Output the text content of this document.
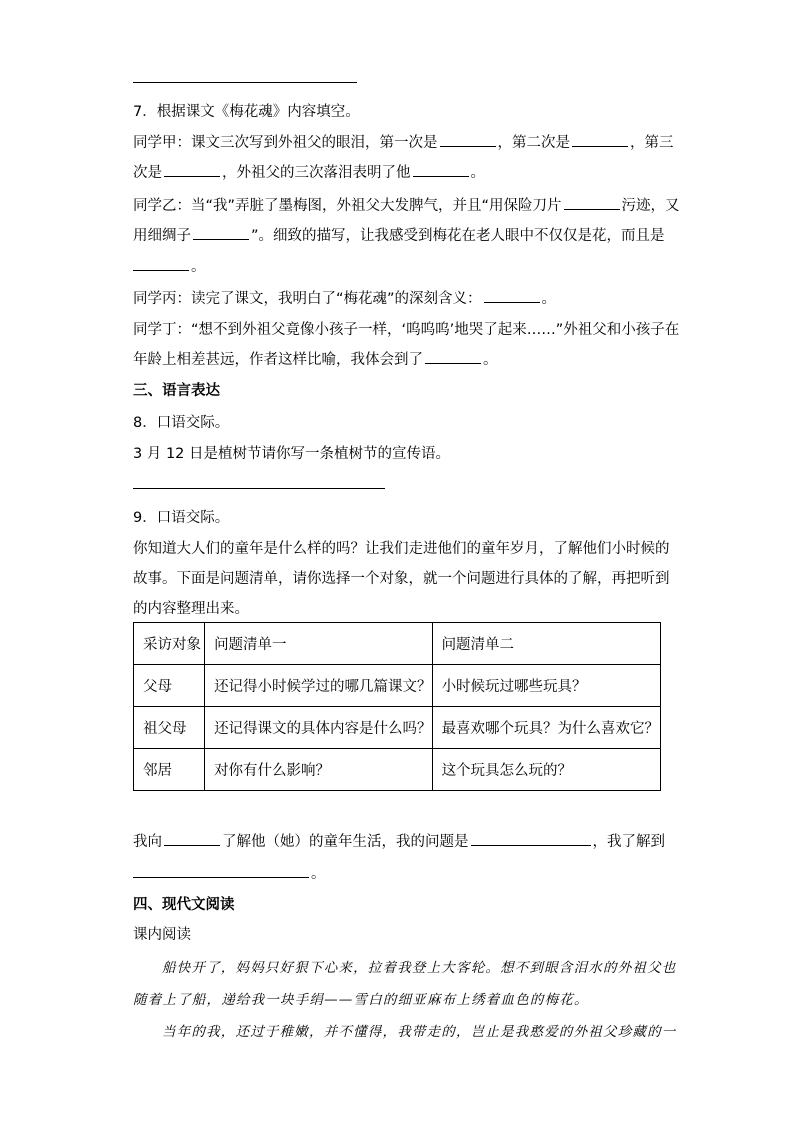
7．根据课文《梅花魂》内容填空。
同学甲：课文三次写到外祖父的眼泪，第一次是	，第二次是	，第三
次是	，外祖父的三次落泪表明了他	。
同学乙：当“我”弄脏了墨梅图，外祖父大发脾气，并且“用保险刀片	污迹，又
用细绸子	”。细致的描写，让我感受到梅花在老人眼中不仅仅是花，而且是
。
同学丙：读完了课文，我明白了“梅花魂”的深刻含义：	。
同学丁：“想不到外祖父竟像小孩子一样，‘呜呜呜’地哭了起来……”外祖父和小孩子在
年龄上相差甚远，作者这样比喻，我体会到了	。
三、语言表达
8．口语交际。
3 月 12 日是植树节请你写一条植树节的宣传语。
9．口语交际。
你知道大人们的童年是什么样的吗？让我们走进他们的童年岁月，了解他们小时候的
故事。下面是问题清单，请你选择一个对象，就一个问题进行具体的了解，再把听到
的内容整理出来。
采访对象	问题清单一	问题清单二
父母	还记得小时候学过的哪几篇课文？	小时候玩过哪些玩具？
祖父母	还记得课文的具体内容是什么吗？	最喜欢哪个玩具？为什么喜欢它？
邻居	对你有什么影响？	这个玩具怎么玩的？
我向	了解他（她）的童年生活，我的问题是	，我了解到
。
四、现代文阅读
课内阅读
船快开了，妈妈只好狠下心来，拉着我登上大客轮。想不到眼含泪水的外祖父也
随着上了船，递给我一块手绢——雪白的细亚麻布上绣着血色的梅花。
当年的我，还过于稚嫩，并不懂得，我带走的，岂止是我憨爱的外祖父珍藏的一
